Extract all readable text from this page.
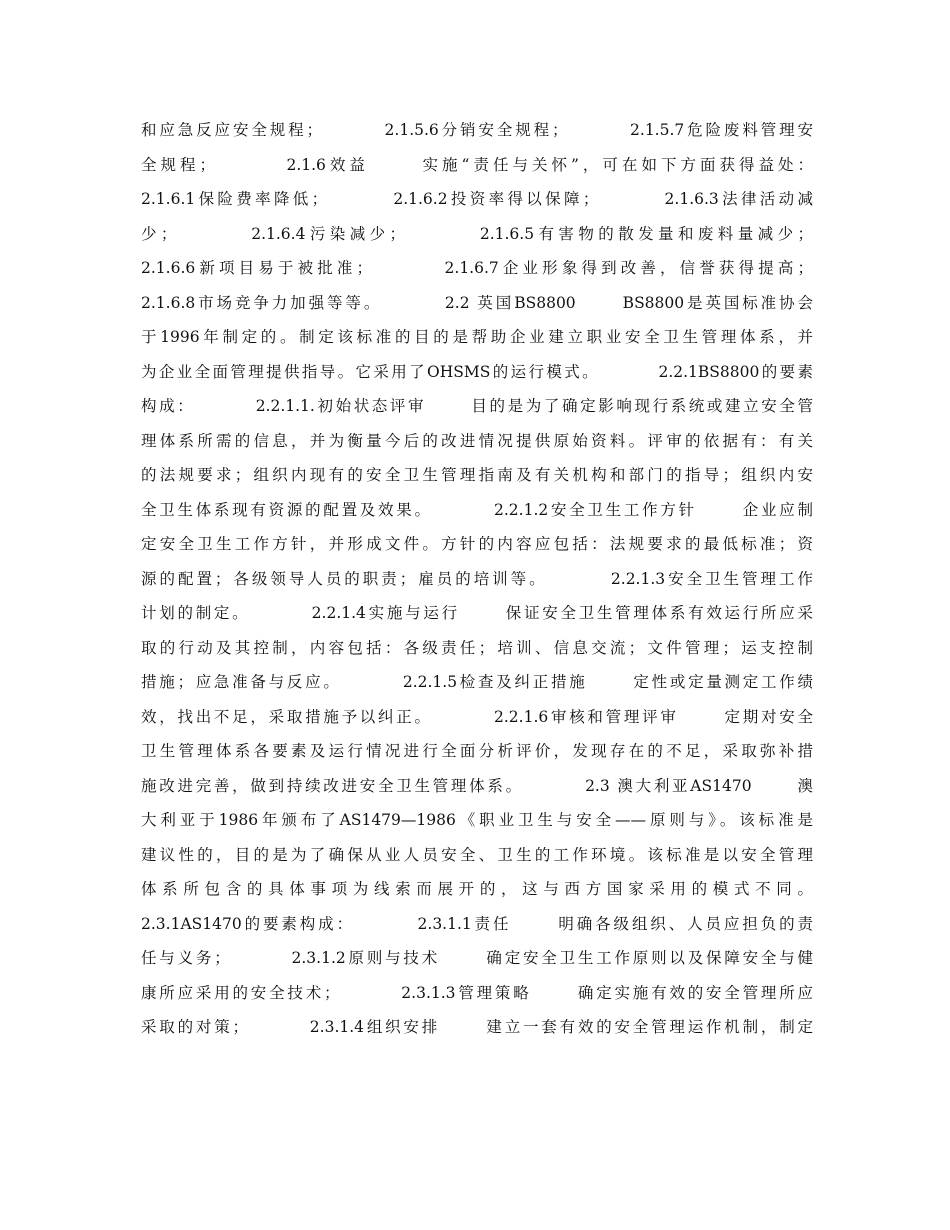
和应急反应安全规程；        2.1.5.6分销安全规程；        2.1.5.7危险废料管理安
全规程；        2.1.6效益      实施“责任与关怀”，可在如下方面获得益处：
2.1.6.1保险费率降低；        2.1.6.2投资率得以保障；        2.1.6.3法律活动减
少；        2.1.6.4污染减少；        2.1.6.5有害物的散发量和废料量减少；
2.1.6.6新项目易于被批准；        2.1.6.7企业形象得到改善，信誉获得提高；
2.1.6.8市场竞争力加强等等。        2.2 英国BS8800      BS8800是英国标准协会
于1996年制定的。制定该标准的目的是帮助企业建立职业安全卫生管理体系，并
为企业全面管理提供指导。它采用了OHSMS的运行模式。        2.2.1BS8800的要素
构成：        2.2.1.1.初始状态评审      目的是为了确定影响现行系统或建立安全管
理体系所需的信息，并为衡量今后的改进情况提供原始资料。评审的依据有：有关
的法规要求；组织内现有的安全卫生管理指南及有关机构和部门的指导；组织内安
全卫生体系现有资源的配置及效果。        2.2.1.2安全卫生工作方针      企业应制
定安全卫生工作方针，并形成文件。方针的内容应包括：法规要求的最低标准；资
源的配置；各级领导人员的职责；雇员的培训等。        2.2.1.3安全卫生管理工作
计划的制定。        2.2.1.4实施与运行      保证安全卫生管理体系有效运行所应采
取的行动及其控制，内容包括：各级责任；培训、信息交流；文件管理；运支控制
措施；应急准备与反应。        2.2.1.5检查及纠正措施      定性或定量测定工作绩
效，找出不足，采取措施予以纠正。        2.2.1.6审核和管理评审      定期对安全
卫生管理体系各要素及运行情况进行全面分析评价，发现存在的不足，采取弥补措
施改进完善，做到持续改进安全卫生管理体系。        2.3 澳大利亚AS1470      澳
大利亚于1986年颁布了AS1479—1986《职业卫生与安全——原则与》。该标准是
建议性的，目的是为了确保从业人员安全、卫生的工作环境。该标准是以安全管理
体系所包含的具体事项为线索而展开的，这与西方国家采用的模式不同。
2.3.1AS1470的要素构成：        2.3.1.1责任      明确各级组织、人员应担负的责
任与义务；        2.3.1.2原则与技术      确定安全卫生工作原则以及保障安全与健
康所应采用的安全技术；        2.3.1.3管理策略      确定实施有效的安全管理所应
采取的对策；        2.3.1.4组织安排      建立一套有效的安全管理运作机制，制定
